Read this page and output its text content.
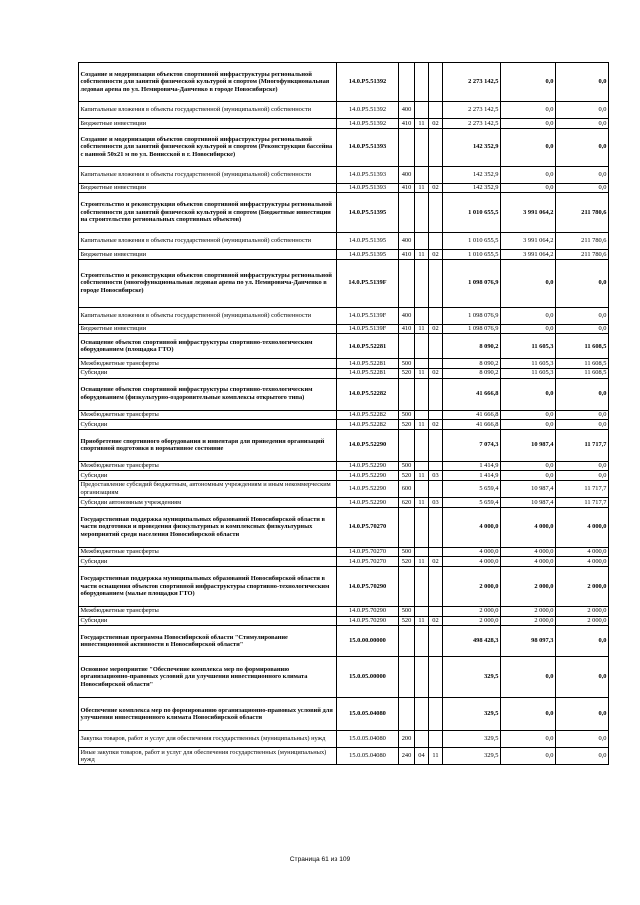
Создание и модернизация объектов спортивной инфраструктуры региональной собственности для занятий физической культурой и спортом (Многофункциональная ледовая арена по ул. Немировича-Данченко в городе Новосибирске)	14.0.P5.51392				2 273 142,5	0,0	0,0
Капитальные вложения в объекты государственной (муниципальной) собственности	14.0.P5.51392	400			2 273 142,5	0,0	0,0
Бюджетные инвестиции	14.0.P5.51392	410	11	02	2 273 142,5	0,0	0,0
Создание и модернизация объектов спортивной инфраструктуры региональной собственности для занятий физической культурой и спортом (Реконструкция бассейна с ванной 50х21 м по ул. Вонисской в г. Новосибирске)	14.0.P5.51393				142 352,9	0,0	0,0
Капитальные вложения в объекты государственной (муниципальной) собственности	14.0.P5.51393	400			142 352,9	0,0	0,0
Бюджетные инвестиции	14.0.P5.51393	410	11	02	142 352,9	0,0	0,0
Строительство и реконструкция объектов спортивной инфраструктуры региональной собственности для занятий физической культурой и спортом (Бюджетные инвестиции на строительство региональных спортивных объектов)	14.0.P5.51395				1 010 655,5	3 991 064,2	211 780,6
Капитальные вложения в объекты государственной (муниципальной) собственности	14.0.P5.51395	400			1 010 655,5	3 991 064,2	211 780,6
Бюджетные инвестиции	14.0.P5.51395	410	11	02	1 010 655,5	3 991 064,2	211 780,6
Строительство и реконструкция объектов спортивной инфраструктуры региональной собственности (многофункциональная ледовая арена по ул. Немировича-Данченко в городе Новосибирске)	14.0.P5.5139F				1 098 076,9	0,0	0,0
Капитальные вложения в объекты государственной (муниципальной) собственности	14.0.P5.5139F	400			1 098 076,9	0,0	0,0
Бюджетные инвестиции	14.0.P5.5139F	410	11	02	1 098 076,9	0,0	0,0
Оснащение объектов спортивной инфраструктуры спортивно-технологическим оборудованием (площадка ГТО)	14.0.P5.52281				8 090,2	11 605,3	11 608,5
Межбюджетные трансферты	14.0.P5.52281	500			8 090,2	11 605,3	11 608,5
Субсидии	14.0.P5.52281	520	11	02	8 090,2	11 605,3	11 608,5
Оснащение объектов спортивной инфраструктуры спортивно-технологическим оборудованием (физкультурно-оздоровительные комплексы открытого типа)	14.0.P5.52282				41 666,8	0,0	0,0
Межбюджетные трансферты	14.0.P5.52282	500			41 666,8	0,0	0,0
Субсидии	14.0.P5.52282	520	11	02	41 666,8	0,0	0,0
Приобретение спортивного оборудования и инвентаря для приведения организаций спортивной подготовки в нормативное состояние	14.0.P5.52290				7 074,3	10 987,4	11 717,7
Межбюджетные трансферты	14.0.P5.52290	500			1 414,9	0,0	0,0
Субсидии	14.0.P5.52290	520	11	03	1 414,9	0,0	0,0
Предоставление субсидий бюджетным, автономным учреждениям и иным некоммерческим организациям	14.0.P5.52290	600			5 659,4	10 987,4	11 717,7
Субсидии автономным учреждениям	14.0.P5.52290	620	11	03	5 659,4	10 987,4	11 717,7
Государственная поддержка муниципальных образований Новосибирской области в части подготовки и проведения физкультурных и комплексных физкультурных мероприятий среди населения Новосибирской области	14.0.P5.70270				4 000,0	4 000,0	4 000,0
Межбюджетные трансферты	14.0.P5.70270	500			4 000,0	4 000,0	4 000,0
Субсидии	14.0.P5.70270	520	11	02	4 000,0	4 000,0	4 000,0
Государственная поддержка муниципальных образований Новосибирской области в части оснащения объектов спортивной инфраструктуры спортивно-технологическим оборудованием (малые площадки ГТО)	14.0.P5.70290				2 000,0	2 000,0	2 000,0
Межбюджетные трансферты	14.0.P5.70290	500			2 000,0	2 000,0	2 000,0
Субсидии	14.0.P5.70290	520	11	02	2 000,0	2 000,0	2 000,0
Государственная программа Новосибирской области "Стимулирование инвестиционной активности в Новосибирской области"	15.0.00.00000				498 428,3	98 097,3	0,0
Основное мероприятие "Обеспечение комплекса мер по формированию организационно-правовых условий для улучшения инвестиционного климата Новосибирской области"	15.0.05.00000				329,5	0,0	0,0
Обеспечение комплекса мер по формированию организационно-правовых условий для улучшения инвестиционного климата Новосибирской области	15.0.05.04080				329,5	0,0	0,0
Закупка товаров, работ и услуг для обеспечения государственных (муниципальных) нужд	15.0.05.04080	200			329,5	0,0	0,0
Иные закупки товаров, работ и услуг для обеспечения государственных (муниципальных) нужд	15.0.05.04080	240	04	11	329,5	0,0	0,0
Страница 61 из 109
